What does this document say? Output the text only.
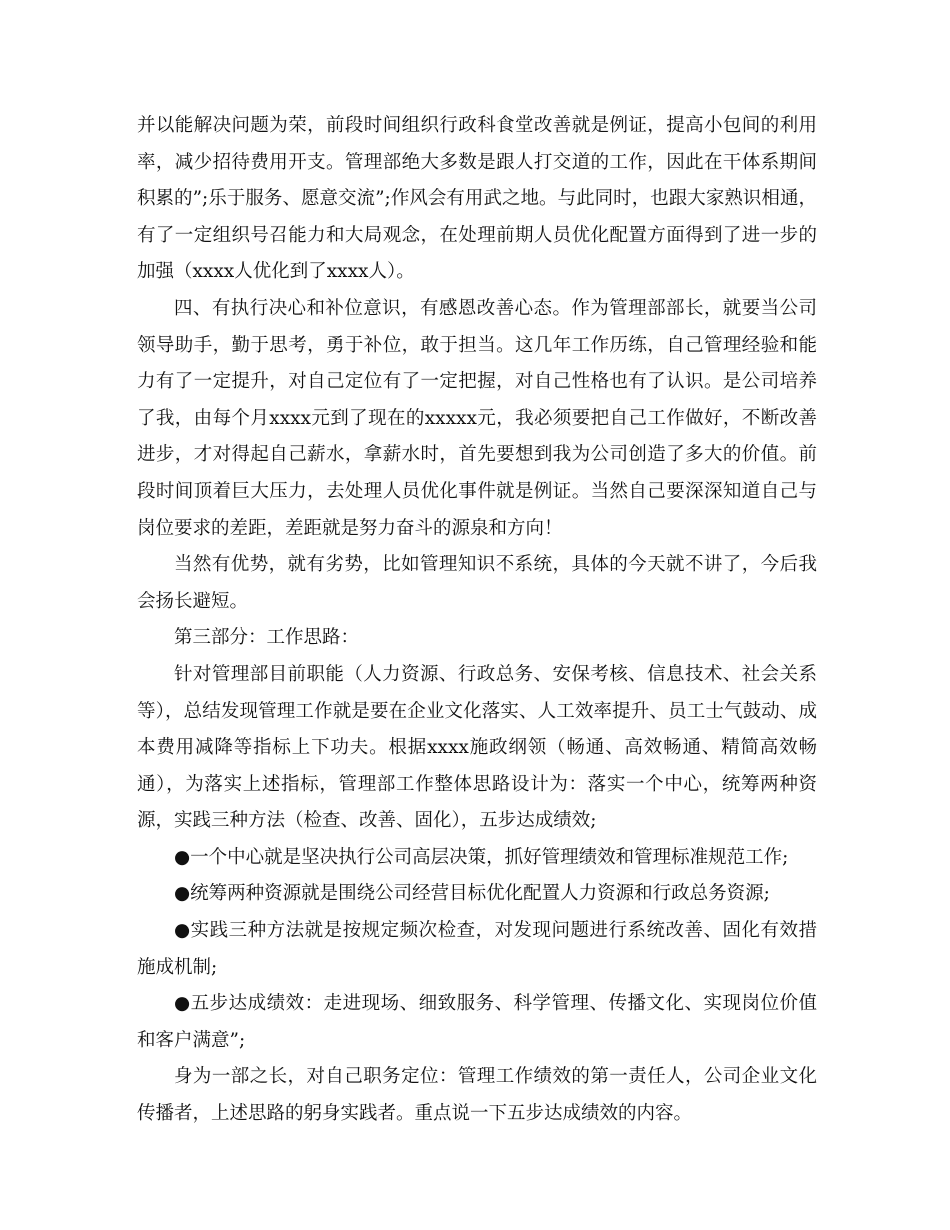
并以能解决问题为荣，前段时间组织行政科食堂改善就是例证，提高小包间的利用率，减少招待费用开支。管理部绝大多数是跟人打交道的工作，因此在干体系期间积累的”;乐于服务、愿意交流”;作风会有用武之地。与此同时，也跟大家熟识相通，有了一定组织号召能力和大局观念，在处理前期人员优化配置方面得到了进一步的加强（xxxx人优化到了xxxx人）。

四、有执行决心和补位意识，有感恩改善心态。作为管理部部长，就要当公司领导助手，勤于思考，勇于补位，敢于担当。这几年工作历练，自己管理经验和能力有了一定提升，对自己定位有了一定把握，对自己性格也有了认识。是公司培养了我，由每个月xxxx元到了现在的xxxxx元，我必须要把自己工作做好，不断改善进步，才对得起自己薪水，拿薪水时，首先要想到我为公司创造了多大的价值。前段时间顶着巨大压力，去处理人员优化事件就是例证。当然自己要深深知道自己与岗位要求的差距，差距就是努力奋斗的源泉和方向！

当然有优势，就有劣势，比如管理知识不系统，具体的今天就不讲了，今后我会扬长避短。

第三部分：工作思路：

针对管理部目前职能（人力资源、行政总务、安保考核、信息技术、社会关系等），总结发现管理工作就是要在企业文化落实、人工效率提升、员工士气鼓动、成本费用减降等指标上下功夫。根据xxxx施政纲领（畅通、高效畅通、精简高效畅通），为落实上述指标，管理部工作整体思路设计为：落实一个中心，统筹两种资源，实践三种方法（检查、改善、固化），五步达成绩效;

●一个中心就是坚决执行公司高层决策，抓好管理绩效和管理标准规范工作;

●统筹两种资源就是围绕公司经营目标优化配置人力资源和行政总务资源;

●实践三种方法就是按规定频次检查，对发现问题进行系统改善、固化有效措施成机制;

●五步达成绩效：走进现场、细致服务、科学管理、传播文化、实现岗位价值和客户满意”;

身为一部之长，对自己职务定位：管理工作绩效的第一责任人，公司企业文化传播者，上述思路的躬身实践者。重点说一下五步达成绩效的内容。
